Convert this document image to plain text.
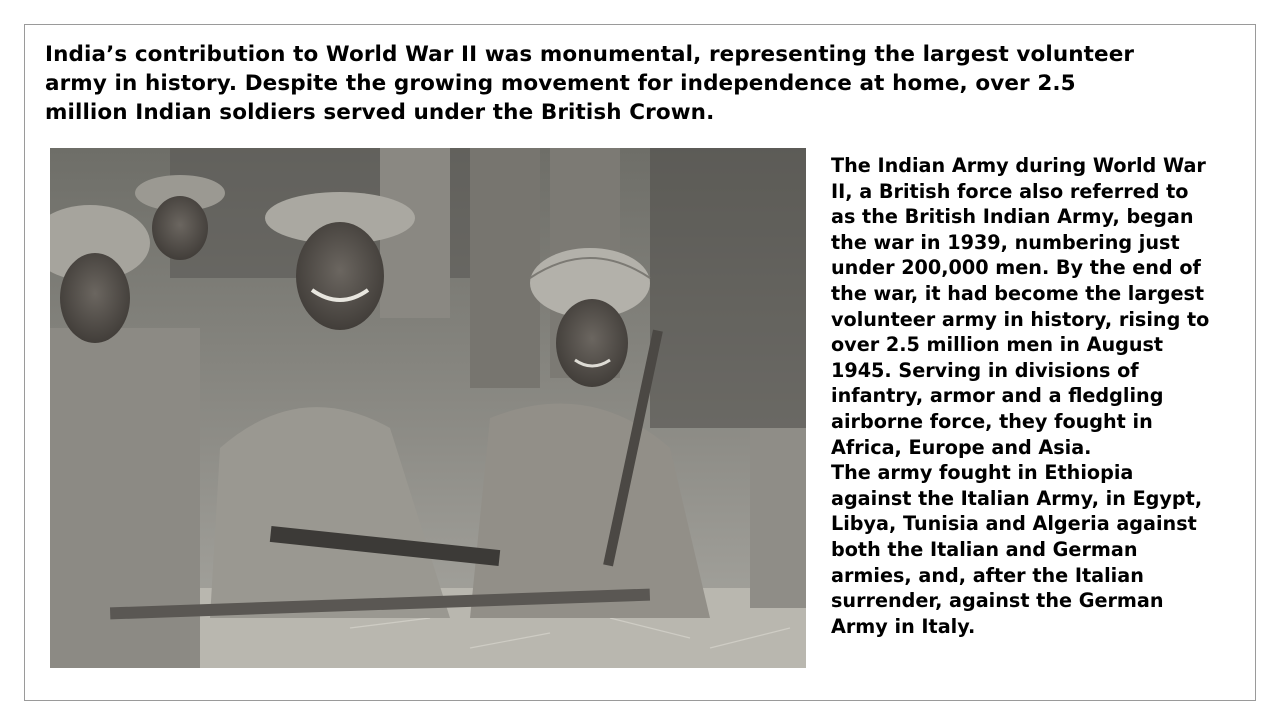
India’s contribution to World War II was monumental, representing the largest volunteer
army in history. Despite the growing movement for independence at home, over 2.5
million Indian soldiers served under the British Crown.

The Indian Army during World War

II, a British force also referred to

as the British Indian Army, began

the war in 1939, numbering just

under 200,000 men. By the end of

the war, it had become the largest

volunteer army in history, rising to

over 2.5 million men in August

1945. Serving in divisions of

infantry, armor and a fledgling

airborne force, they fought in

Africa, Europe and Asia.

The army fought in Ethiopia

against the Italian Army, in Egypt,

Libya, Tunisia and Algeria against

both the Italian and German

armies, and, after the Italian

surrender, against the German

Army in Italy.
